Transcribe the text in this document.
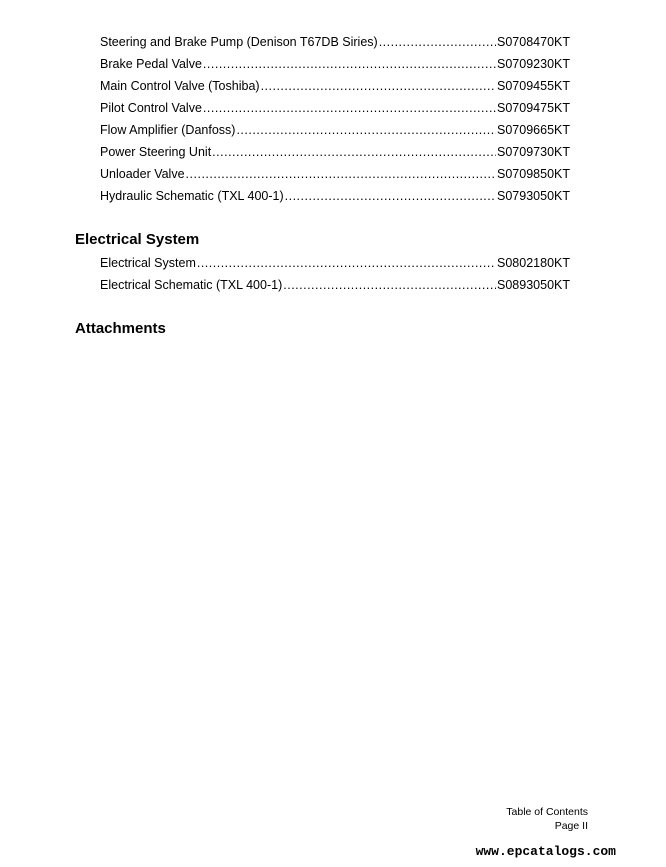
Steering and Brake Pump (Denison T67DB Siries) .....	S0708470KT
Brake Pedal Valve .....	S0709230KT
Main Control Valve (Toshiba) .....	S0709455KT
Pilot Control Valve .....	S0709475KT
Flow Amplifier (Danfoss) .....	S0709665KT
Power Steering Unit .....	S0709730KT
Unloader Valve .....	S0709850KT
Hydraulic Schematic (TXL 400-1) .....	S0793050KT
Electrical System
Electrical System .....	S0802180KT
Electrical Schematic (TXL 400-1) .....	S0893050KT
Attachments
Table of Contents
Page II
www.epcatalogs.com
